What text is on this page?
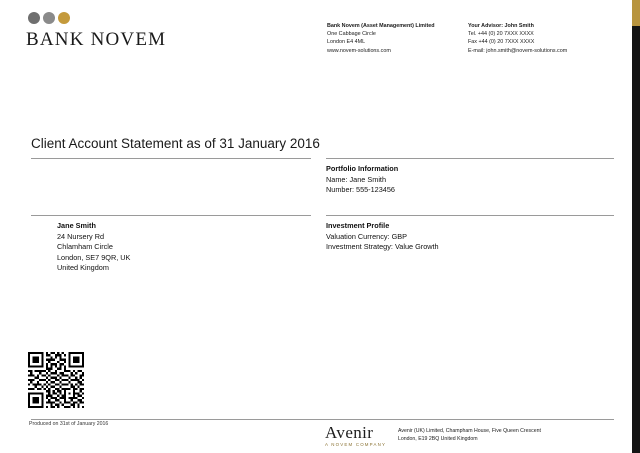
BANK NOVEM
Bank Novem (Asset Management) Limited
One Cabbage Circle
London E4 4ML
www.novem-solutions.com
Your Advisor: John Smith
Tel. +44 (0) 20 7XXX XXXX
Fax +44 (0) 20 7XXX XXXX
E-mail: john.smith@novem-solutions.com
Client Account Statement as of 31 January 2016
Portfolio Information
Name: Jane Smith
Number: 555-123456
Investment Profile
Valuation Currency: GBP
Investment Strategy: Value Growth
Jane Smith
24 Nursery Rd
Chlamham Circle
London, SE7 9QR, UK
United Kingdom
Produced on 31st of January 2016	Avenir
A NOVEM COMPANY
Avenir (UK) Limited, Champham House, Five Queen Crescent
London, E19 2BQ United Kingdom
